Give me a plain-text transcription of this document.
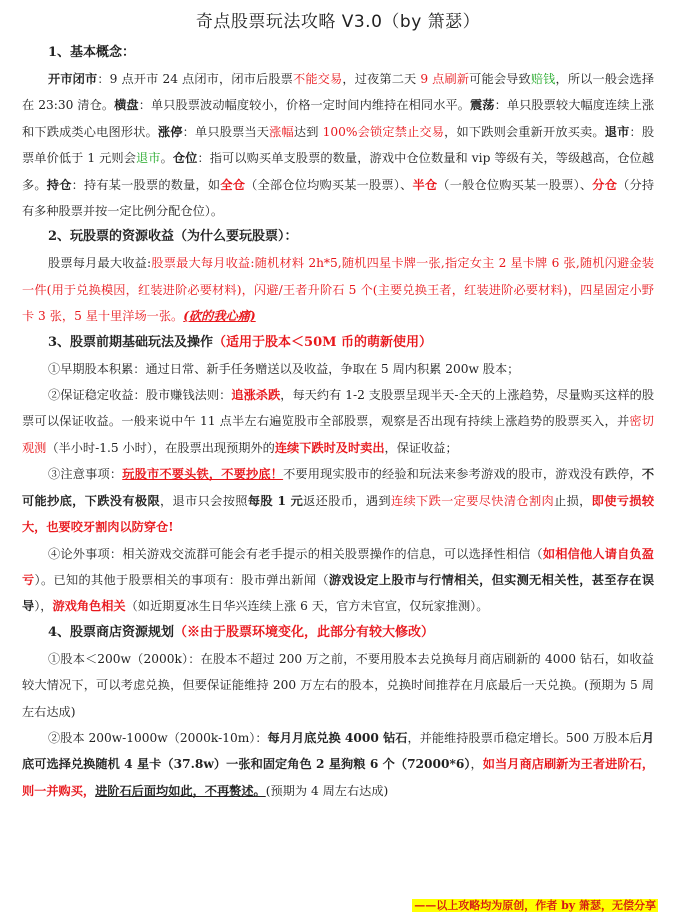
奇点股票玩法攻略 V3.0（by 箫瑟）
1、基本概念：

开市闭市：9 点开市 24 点闭市，闭市后股票不能交易，过夜第二天 9 点刷新可能会导致赔钱，所以一般会选择在 23:30 清仓。横盘：单只股票波动幅度较小，价格一定时间内维持在相同水平。震荡：单只股票较大幅度连续上涨和下跌成类心电图形状。涨停：单只股票当天涨幅达到 100%会锁定禁止交易，如下跌则会重新开放买卖。退市：股票单价低于 1 元则会退市。仓位：指可以购买单支股票的数量，游戏中仓位数量和 vip 等级有关，等级越高，仓位越多。持仓：持有某一股票的数量，如全仓（全部仓位均购买某一股票）、半仓（一般仓位购买某一股票）、分仓（分持有多种股票并按一定比例分配仓位）。

2、玩股票的资源收益（为什么要玩股票）：

股票每月最大收益:股票最大每月收益:随机材料 2h*5,随机四星卡牌一张,指定女主 2 星卡牌 6 张,随机闪避金装一件(用于兑换模因，红装进阶必要材料)，闪避/王者升阶石 5 个(主要兑换王者，红装进阶必要材料)，四星固定小野卡 3 张，5 星十里洋场一张。(砍的我心痛)

3、股票前期基础玩法及操作（适用于股本＜50M 币的萌新使用）

①早期股本积累：通过日常、新手任务赠送以及收益，争取在 5 周内积累 200w 股本；

②保证稳定收益：股市赚钱法则：追涨杀跌，每天约有 1-2 支股票呈现半天-全天的上涨趋势，尽量购买这样的股票可以保证收益。一般来说中午 11 点半左右遍览股市全部股票，观察是否出现有持续上涨趋势的股票买入，并密切观测（半小时-1.5 小时），在股票出现预期外的连续下跌时及时卖出，保证收益；

③注意事项：玩股市不要头铁，不要抄底！不要用现实股市的经验和玩法来参考游戏的股市，游戏没有跌停，不可能抄底，下跌没有极限，退市只会按照每股 1 元返还股币，遇到连续下跌一定要尽快清仓割肉止损，即使亏损较大，也要咬牙割肉以防穿仓!

④论外事项：相关游戏交流群可能会有老手提示的相关股票操作的信息，可以选择性相信（如相信他人请自负盈亏）。已知的其他于股票相关的事项有：股市弹出新闻（游戏设定上股市与行情相关，但实测无相关性，甚至存在误导），游戏角色相关（如近期夏冰生日华兴连续上涨 6 天，官方未官宣，仅玩家推测）。

4、股票商店资源规划（※由于股票环境变化，此部分有较大修改）

①股本＜200w（2000k）：在股本不超过 200 万之前，不要用股本去兑换每月商店刷新的 4000 钻石，如收益较大情况下，可以考虑兑换，但要保证能维持 200 万左右的股本，兑换时间推荐在月底最后一天兑换。(预期为 5 周左右达成)

②股本 200w-1000w（2000k-10m）：每月月底兑换 4000 钻石，并能维持股票币稳定增长。500 万股本后月底可选择兑换随机 4 星卡（37.8w）一张和固定角色 2 星狗粮 6 个（72000*6），如当月商店刷新为王者进阶石，则一并购买，进阶石后面均如此，不再赘述。(预期为 4 周左右达成)

——以上攻略均为原创，作者 by 箫瑟，无偿分享
